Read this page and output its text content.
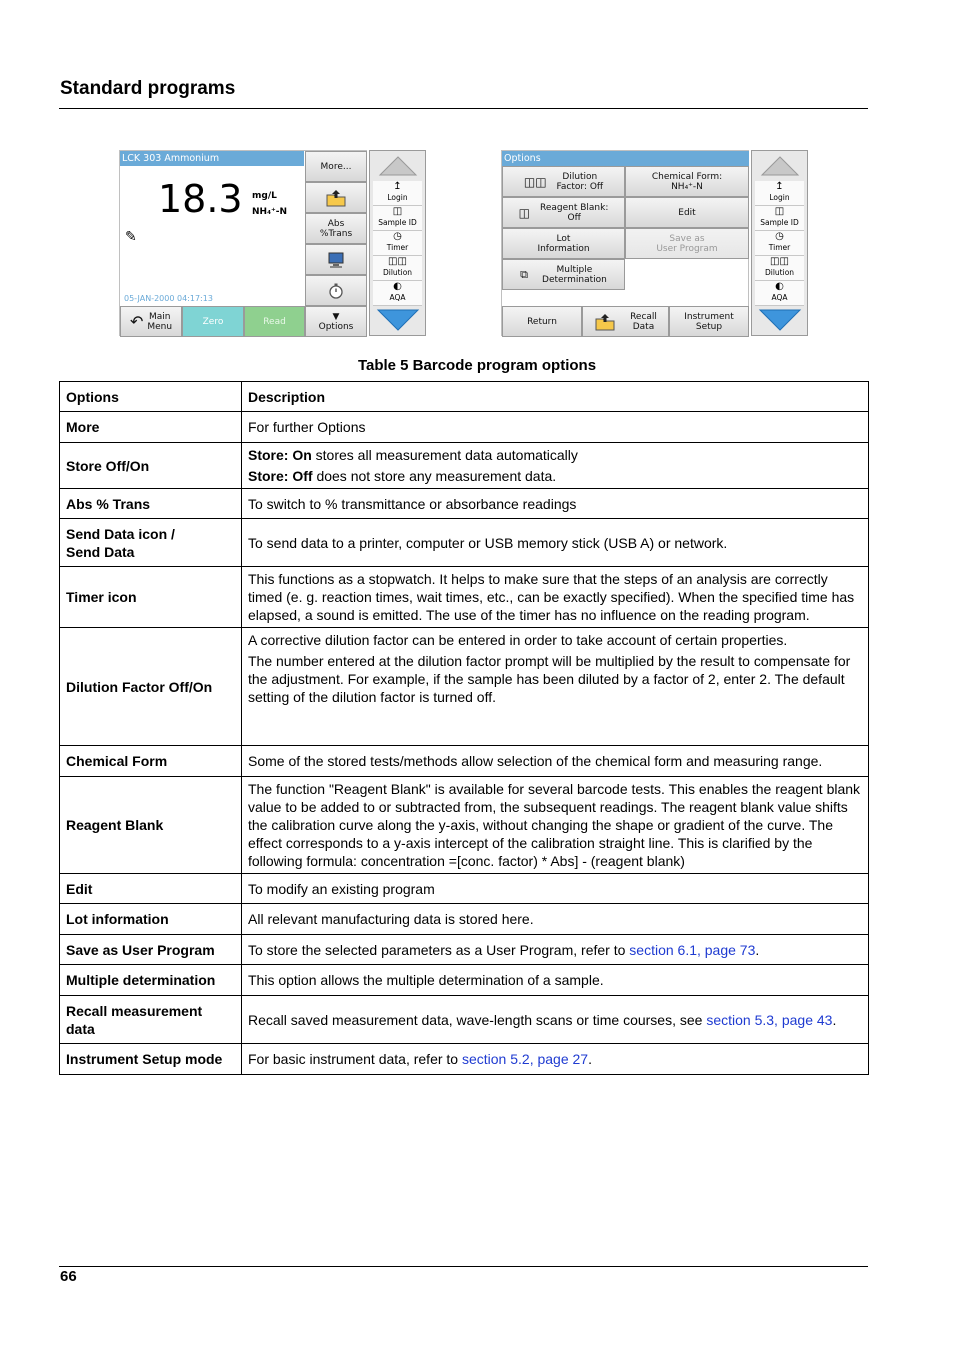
Standard programs
LCK 303 Ammonium
18.3 mg/L
NH₄⁺-N
✎
05-JAN-2000 04:17:13
More...
Abs
%Trans
▼
Options
↶ Main
Menu	Zero	Read
↥
Login
◫
Sample ID
◷
Timer
◫◫
Dilution
◐
AQA
Options
◫◫	Dilution
Factor: Off
Chemical Form:
NH₄⁺-N
◫ Reagent Blank:
Off	Edit
Lot
Information
Save as
User Program
⧉	Multiple
Determination
Return	Recall
Data
Instrument
Setup
↥
Login
◫
Sample ID
◷
Timer
◫◫
Dilution
◐
AQA
Table 5 Barcode program options
Options	Description
More	For further Options
Store Off/On	Store: On stores all measurement data automatically

Store: Off does not store any measurement data.

Abs % Trans	To switch to % transmittance or absorbance readings
Send Data icon /
Send Data	To send data to a printer, computer or USB memory stick (USB A) or network.
Timer icon	This functions as a stopwatch. It helps to make sure that the steps of an analysis are correctly timed (e. g. reaction times, wait times, etc., can be exactly specified). When the specified time has elapsed, a sound is emitted. The use of the timer has no influence on the reading program.
Dilution Factor Off/On	A corrective dilution factor can be entered in order to take account of certain properties.

The number entered at the dilution factor prompt will be multiplied by the result to compensate for the adjustment. For example, if the sample has been diluted by a factor of 2, enter 2. The default setting of the dilution factor is turned off.

Chemical Form	Some of the stored tests/methods allow selection of the chemical form and measuring range.
Reagent Blank	The function "Reagent Blank" is available for several barcode tests. This enables the reagent blank value to be added to or subtracted from, the subsequent readings. The reagent blank value shifts the calibration curve along the y-axis, without changing the shape or gradient of the curve. The effect corresponds to a y-axis intercept of the calibration straight line. This is clarified by the following formula: concentration =[conc. factor) * Abs] - (reagent blank)
Edit	To modify an existing program
Lot information	All relevant manufacturing data is stored here.
Save as User Program	To store the selected parameters as a User Program, refer to section 6.1, page 73.
Multiple determination	This option allows the multiple determination of a sample.
Recall measurement
data	Recall saved measurement data, wave-length scans or time courses, see section 5.3, page 43.
Instrument Setup mode	For basic instrument data, refer to section 5.2, page 27.
66
